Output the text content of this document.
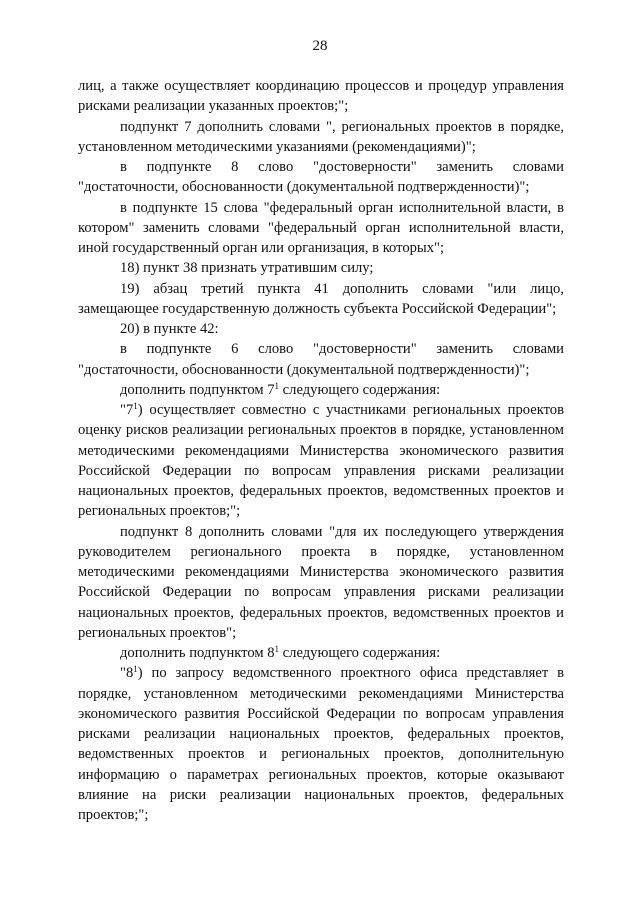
28

лиц, а также осуществляет координацию процессов и процедур управления рисками реализации указанных проектов;";

подпункт 7 дополнить словами ", региональных проектов в порядке, установленном методическими указаниями (рекомендациями)";

в подпункте 8 слово "достоверности" заменить словами "достаточности, обоснованности (документальной подтвержденности)";

в подпункте 15 слова "федеральный орган исполнительной власти, в котором" заменить словами "федеральный орган исполнительной власти, иной государственный орган или организация, в которых";

18) пункт 38 признать утратившим силу;

19) абзац третий пункта 41 дополнить словами "или лицо, замещающее государственную должность субъекта Российской Федерации";

20) в пункте 42:

в подпункте 6 слово "достоверности" заменить словами "достаточности, обоснованности (документальной подтвержденности)";

дополнить подпунктом $7^1$ следующего содержания:

"$7^1$) осуществляет совместно с участниками региональных проектов оценку рисков реализации региональных проектов в порядке, установленном методическими рекомендациями Министерства экономического развития Российской Федерации по вопросам управления рисками реализации национальных проектов, федеральных проектов, ведомственных проектов и региональных проектов;";

подпункт 8 дополнить словами "для их последующего утверждения руководителем регионального проекта в порядке, установленном методическими рекомендациями Министерства экономического развития Российской Федерации по вопросам управления рисками реализации национальных проектов, федеральных проектов, ведомственных проектов и региональных проектов";

дополнить подпунктом $8^1$ следующего содержания:

"$8^1$) по запросу ведомственного проектного офиса представляет в порядке, установленном методическими рекомендациями Министерства экономического развития Российской Федерации по вопросам управления рисками реализации национальных проектов, федеральных проектов, ведомственных проектов и региональных проектов, дополнительную информацию о параметрах региональных проектов, которые оказывают влияние на риски реализации национальных проектов, федеральных проектов;";
